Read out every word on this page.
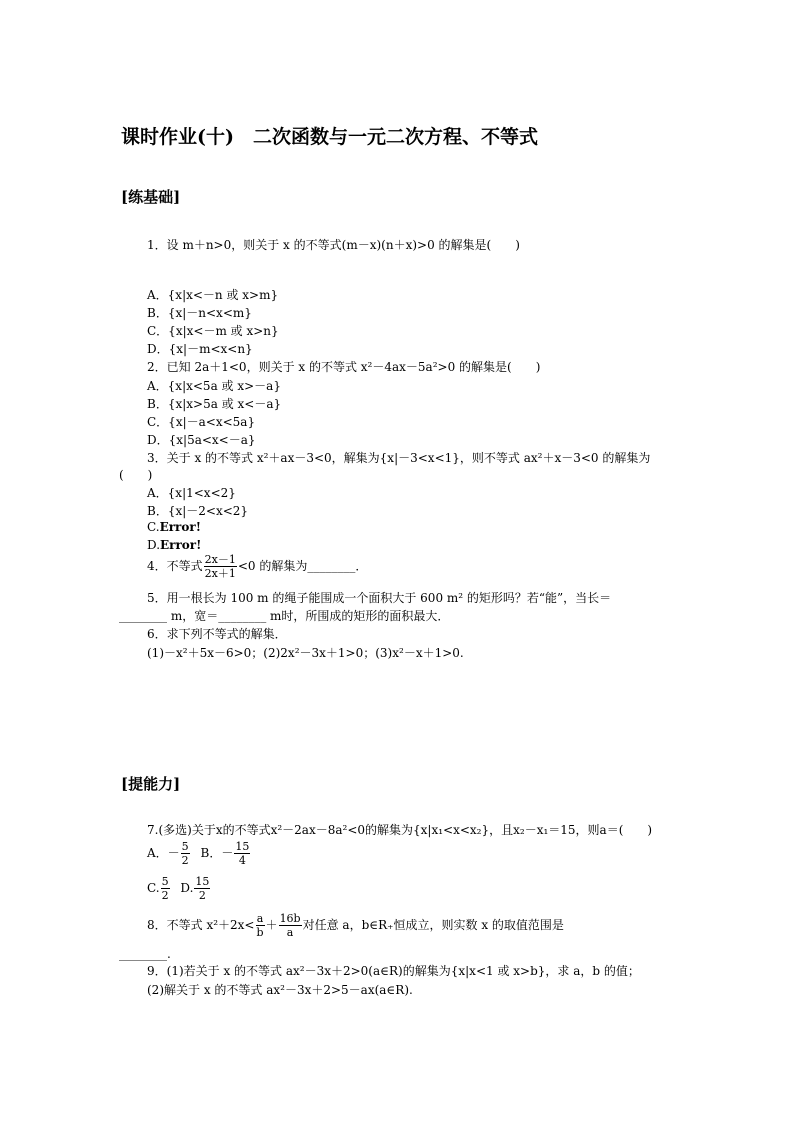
课时作业(十)　二次函数与一元二次方程、不等式
[练基础]
1．设 m＋n>0，则关于 x 的不等式(m－x)(n＋x)>0 的解集是(　　)
A．{x|x<－n 或 x>m}
B．{x|－n<x<m}
C．{x|x<－m 或 x>n}
D．{x|－m<x<n}
2．已知 2a＋1<0，则关于 x 的不等式 x²－4ax－5a²>0 的解集是(　　)
A．{x|x<5a 或 x>－a}
B．{x|x>5a 或 x<－a}
C．{x|－a<x<5a}
D．{x|5a<x<－a}
3．关于 x 的不等式 x²＋ax－3<0，解集为{x|－3<x<1}，则不等式 ax²＋x－3<0 的解集为
(　　)
A．{x|1<x<2}
B．{x|－2<x<2}
C.Error!
D.Error!
4．不等式 $\frac{2x-1}{2x+1} <0$ 的解集为________．
5．用一根长为 100 m 的绳子能围成一个面积大于 600 m² 的矩形吗？若“能”，当长＝
________ m，宽＝________ m时，所围成的矩形的面积最大．
6．求下列不等式的解集．
(1)－x²＋5x－6>0；(2)2x²－3x＋1>0；(3)x²－x＋1>0.
[提能力]
7.(多选)关于x的不等式x²－2ax－8a²<0的解集为{x|x₁<x<x₂}，且x₂－x₁＝15，则a＝(　　)
A．－ $\frac{5}{2}$ B．－ $\frac{15}{4}$
C. $\frac{5}{2} D$. $\frac{15}{2}$
8．不等式 $x^2+2x< \frac{a}{b} + \frac{16b}{a}$ 对任意 a，b∈R₊恒成立，则实数 x 的取值范围是
________.
9．(1)若关于 x 的不等式 ax²－3x＋2>0(a∈R)的解集为{x|x<1 或 x>b}，求 a，b 的值；
(2)解关于 x 的不等式 ax²－3x＋2>5－ax(a∈R).
